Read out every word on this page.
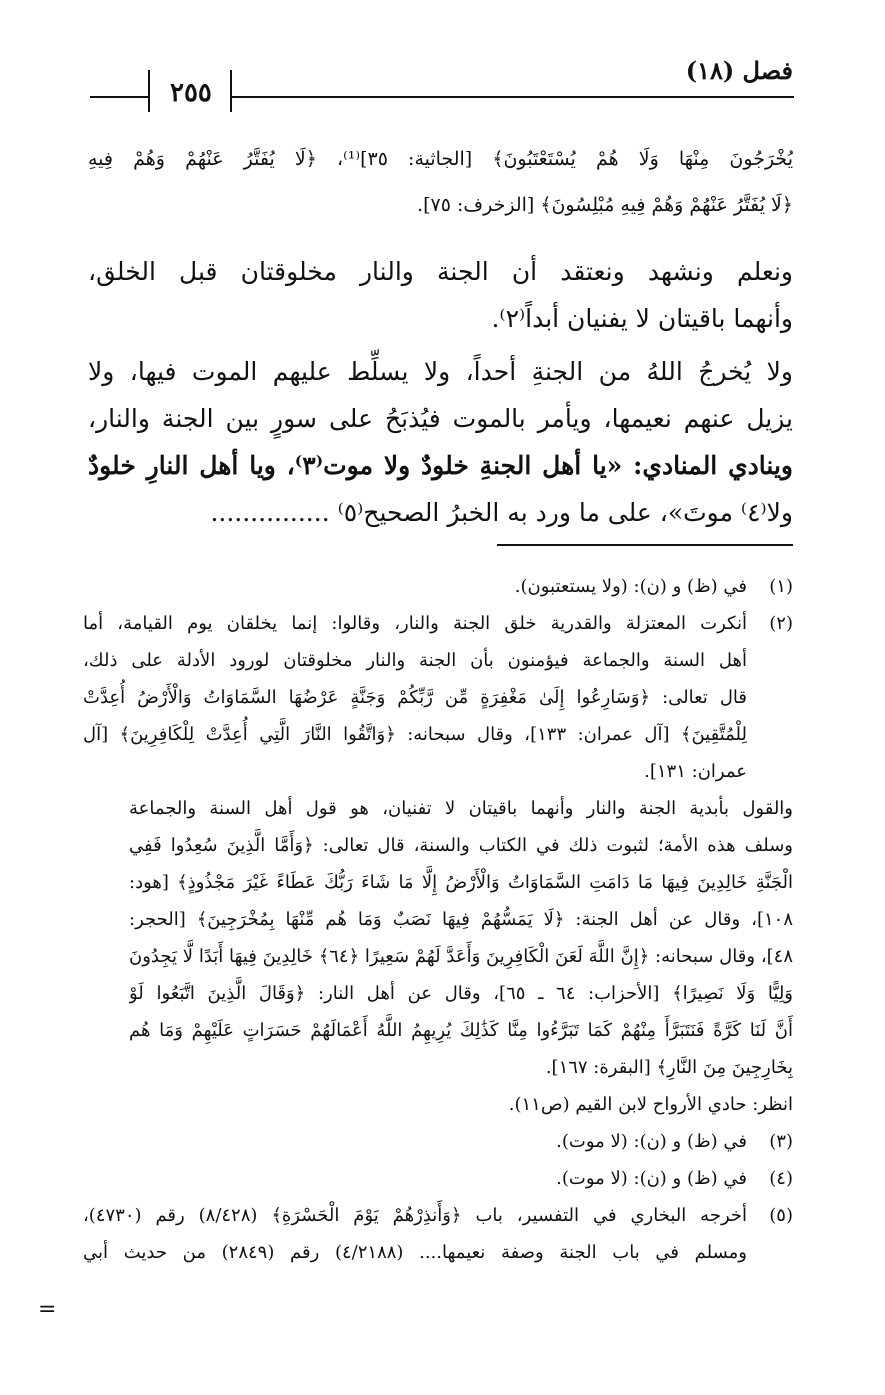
٢٥٥
فصل (١٨)
يُخْرَجُونَ مِنْهَا وَلَا هُمْ يُسْتَعْتَبُونَ﴾ [الجاثية: ٣٥]⁽¹⁾، ﴿لَا يُفَتَّرُ عَنْهُمْ وَهُمْ فِيهِ
﴿لَا يُفَتَّرُ عَنْهُمْ وَهُمْ فِيهِ مُبْلِسُونَ﴾ [الزخرف: ٧٥].
ونعلم ونشهد ونعتقد أن الجنة والنار مخلوقتان قبل الخلق،
وأنهما باقيتان لا يفنيان أبداً⁽٢⁾.
ولا يُخرجُ اللهُ من الجنةِ أحداً، ولا يسلِّط عليهم الموت فيها، ولا
يزيل عنهم نعيمها، ويأمر بالموت فيُذبَحُ على سورٍ بين الجنة والنار،
وينادي المنادي: «يا أهل الجنةِ خلودٌ ولا موت⁽٣⁾، ويا أهل النارِ خلودٌ
ولا⁽٤⁾ موتَ»، على ما ورد به الخبرُ الصحيح⁽٥⁾ ...............
(١)
في (ظ) و (ن): (ولا يستعتبون).
(٢)
أنكرت المعتزلة والقدرية خلق الجنة والنار، وقالوا: إنما يخلقان يوم القيامة، أما
أهل السنة والجماعة فيؤمنون بأن الجنة والنار مخلوقتان لورود الأدلة على ذلك،
قال تعالى: ﴿وَسَارِعُوا إِلَىٰ مَغْفِرَةٍ مِّن رَّبِّكُمْ وَجَنَّةٍ عَرْضُهَا السَّمَاوَاتُ وَالْأَرْضُ أُعِدَّتْ
لِلْمُتَّقِينَ﴾ [آل عمران: ١٣٣]، وقال سبحانه: ﴿وَاتَّقُوا النَّارَ الَّتِي أُعِدَّتْ لِلْكَافِرِينَ﴾ [آل
عمران: ١٣١].
والقول بأبدية الجنة والنار وأنهما باقيتان لا تفنيان، هو قول أهل السنة والجماعة
وسلف هذه الأمة؛ لثبوت ذلك في الكتاب والسنة، قال تعالى: ﴿وَأَمَّا الَّذِينَ سُعِدُوا فَفِي
الْجَنَّةِ خَالِدِينَ فِيهَا مَا دَامَتِ السَّمَاوَاتُ وَالْأَرْضُ إِلَّا مَا شَاءَ رَبُّكَ عَطَاءً غَيْرَ مَجْذُوذٍ﴾ [هود:
١٠٨]، وقال عن أهل الجنة: ﴿لَا يَمَسُّهُمْ فِيهَا نَصَبٌ وَمَا هُم مِّنْهَا بِمُخْرَجِينَ﴾ [الحجر:
٤٨]، وقال سبحانه: ﴿إِنَّ اللَّهَ لَعَنَ الْكَافِرِينَ وَأَعَدَّ لَهُمْ سَعِيرًا ﴿٦٤﴾ خَالِدِينَ فِيهَا أَبَدًا لَّا يَجِدُونَ
وَلِيًّا وَلَا نَصِيرًا﴾ [الأحزاب: ٦٤ ـ ٦٥]، وقال عن أهل النار: ﴿وَقَالَ الَّذِينَ اتَّبَعُوا لَوْ
أَنَّ لَنَا كَرَّةً فَنَتَبَرَّأَ مِنْهُمْ كَمَا تَبَرَّءُوا مِنَّا كَذَٰلِكَ يُرِيهِمُ اللَّهُ أَعْمَالَهُمْ حَسَرَاتٍ عَلَيْهِمْ وَمَا هُم
بِخَارِجِينَ مِنَ النَّارِ﴾ [البقرة: ١٦٧].
انظر: حادي الأرواح لابن القيم (ص١١).
(٣)
في (ظ) و (ن): (لا موت).
(٤)
في (ظ) و (ن): (لا موت).
(٥)
أخرجه البخاري في التفسير، باب ﴿وَأَنذِرْهُمْ يَوْمَ الْحَسْرَةِ﴾ (٨/٤٢٨) رقم (٤٧٣٠)،
ومسلم في باب الجنة وصفة نعيمها.... (٤/٢١٨٨) رقم (٢٨٤٩) من حديث أبي
=
